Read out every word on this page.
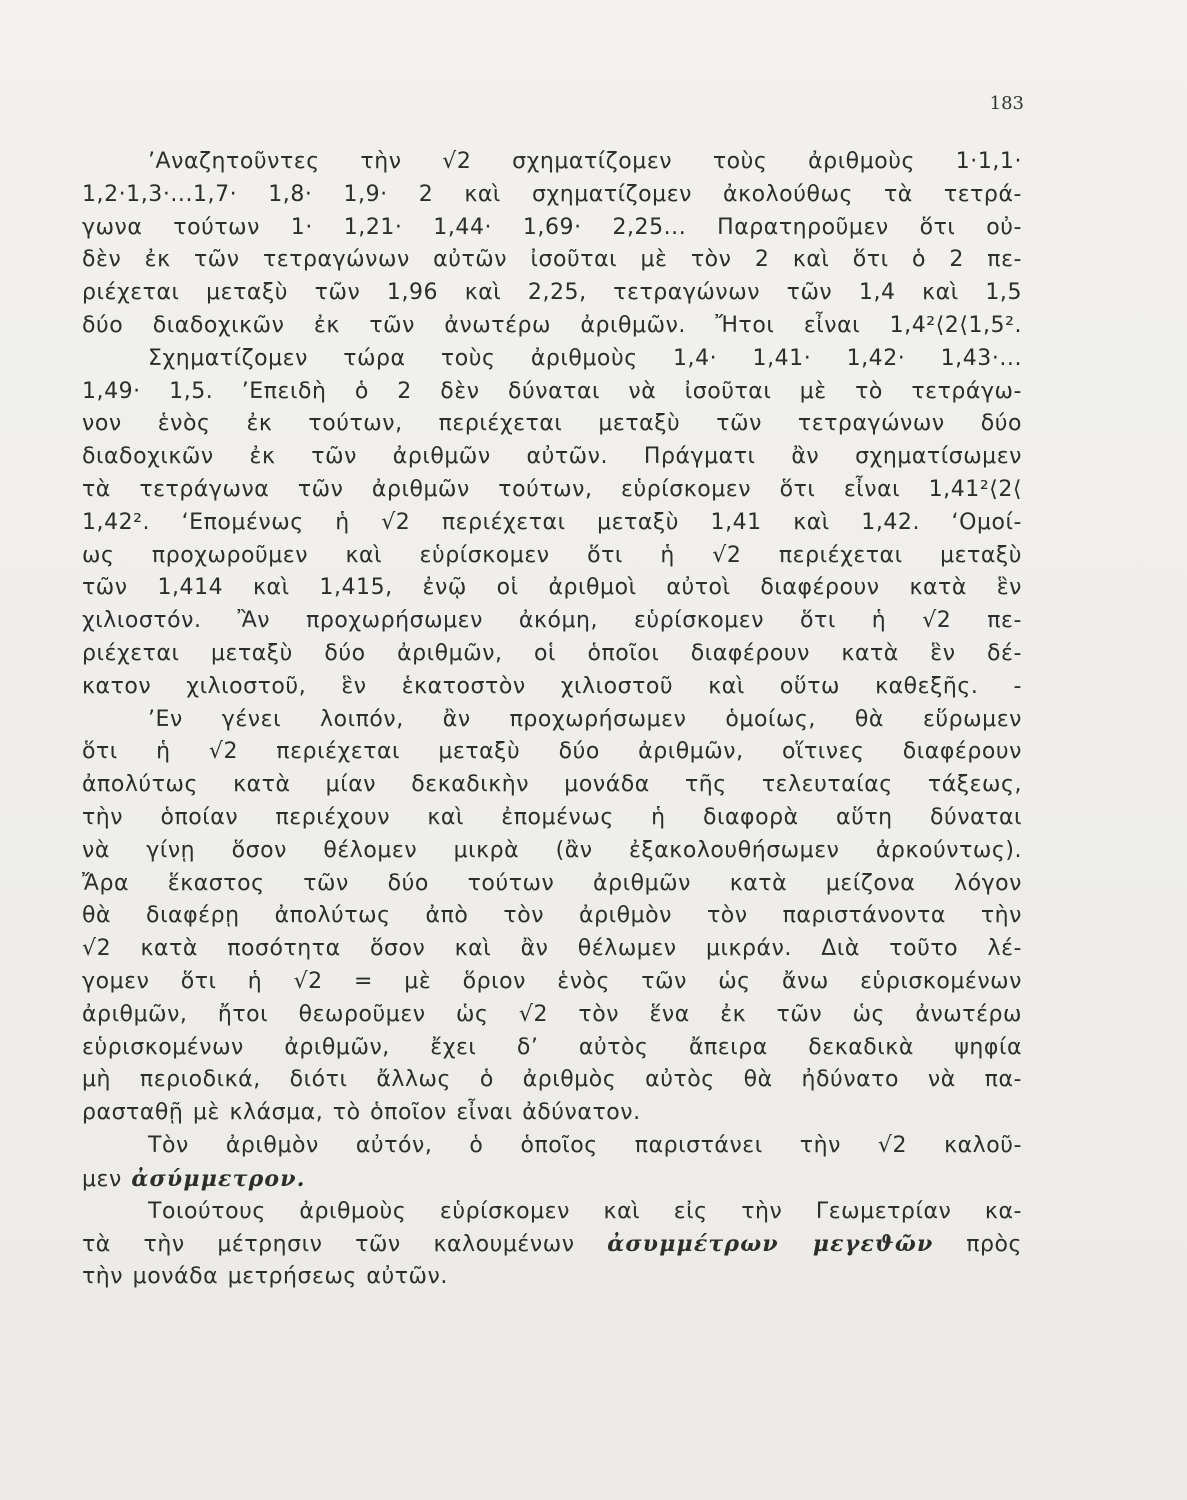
183
’Αναζητοῦντες τὴν √2 σχηματίζομεν τοὺς ἀριθμοὺς 1·1,1·
1,2·1,3·...1,7· 1,8· 1,9· 2 καὶ σχηματίζομεν ἀκολούθως τὰ τετρά-
γωνα τούτων 1· 1,21· 1,44· 1,69· 2,25... Παρατηροῦμεν ὅτι οὐ-
δὲν ἐκ τῶν τετραγώνων αὐτῶν ἰσοῦται μὲ τὸν 2 καὶ ὅτι ὁ 2 πε-
ριέχεται μεταξὺ τῶν 1,96 καὶ 2,25, τετραγώνων τῶν 1,4 καὶ 1,5
δύο διαδοχικῶν ἐκ τῶν ἀνωτέρω ἀριθμῶν. Ἤτοι εἶναι 1,4²⟨2⟨1,5².
Σχηματίζομεν τώρα τοὺς ἀριθμοὺς 1,4· 1,41· 1,42· 1,43·...
1,49· 1,5. ’Επειδὴ ὁ 2 δὲν δύναται νὰ ἰσοῦται μὲ τὸ τετράγω-
νον ἑνὸς ἐκ τούτων, περιέχεται μεταξὺ τῶν τετραγώνων δύο
διαδοχικῶν ἐκ τῶν ἀριθμῶν αὐτῶν. Πράγματι ἂν σχηματίσωμεν
τὰ τετράγωνα τῶν ἀριθμῶν τούτων, εὑρίσκομεν ὅτι εἶναι 1,41²⟨2⟨
1,42². ‘Επομένως ἡ √2 περιέχεται μεταξὺ 1,41 καὶ 1,42. ‘Ομοί-
ως προχωροῦμεν καὶ εὑρίσκομεν ὅτι ἡ √2 περιέχεται μεταξὺ
τῶν 1,414 καὶ 1,415, ἐνῷ οἱ ἀριθμοὶ αὐτοὶ διαφέρουν κατὰ ἓν
χιλιοστόν. Ἂν προχωρήσωμεν ἀκόμη, εὑρίσκομεν ὅτι ἡ √2 πε-
ριέχεται μεταξὺ δύο ἀριθμῶν, οἱ ὁποῖοι διαφέρουν κατὰ ἓν δέ-
κατον χιλιοστοῦ, ἓν ἑκατοστὸν χιλιοστοῦ καὶ οὕτω καθεξῆς. -
’Εν γένει λοιπόν, ἂν προχωρήσωμεν ὁμοίως, θὰ εὕρωμεν
ὅτι ἡ √2 περιέχεται μεταξὺ δύο ἀριθμῶν, οἵτινες διαφέρουν
ἀπολύτως κατὰ μίαν δεκαδικὴν μονάδα τῆς τελευταίας τάξεως,
τὴν ὁποίαν περιέχουν καὶ ἐπομένως ἡ διαφορὰ αὕτη δύναται
νὰ γίνῃ ὅσον θέλομεν μικρὰ (ἂν ἐξακολουθήσωμεν ἀρκούντως).
Ἄρα ἕκαστος τῶν δύο τούτων ἀριθμῶν κατὰ μείζονα λόγον
θὰ διαφέρῃ ἀπολύτως ἀπὸ τὸν ἀριθμὸν τὸν παριστάνοντα τὴν
√2 κατὰ ποσότητα ὅσον καὶ ἂν θέλωμεν μικράν. Διὰ τοῦτο λέ-
γομεν ὅτι ἡ √2 = μὲ ὅριον ἑνὸς τῶν ὡς ἄνω εὑρισκομένων
ἀριθμῶν, ἤτοι θεωροῦμεν ὡς √2 τὸν ἕνα ἐκ τῶν ὡς ἀνωτέρω
εὑρισκομένων ἀριθμῶν, ἔχει δ’ αὐτὸς ἄπειρα δεκαδικὰ ψηφία
μὴ περιοδικά, διότι ἄλλως ὁ ἀριθμὸς αὐτὸς θὰ ἠδύνατο νὰ πα-
ρασταθῇ μὲ κλάσμα, τὸ ὁποῖον εἶναι ἀδύνατον.
Τὸν ἀριθμὸν αὐτόν, ὁ ὁποῖος παριστάνει τὴν √2 καλοῦ-
μεν ἀσύμμετρον.
Τοιούτους ἀριθμοὺς εὑρίσκομεν καὶ εἰς τὴν Γεωμετρίαν κα-
τὰ τὴν μέτρησιν τῶν καλουμένων ἀσυμμέτρων μεγεϑῶν πρὸς
τὴν μονάδα μετρήσεως αὐτῶν.
